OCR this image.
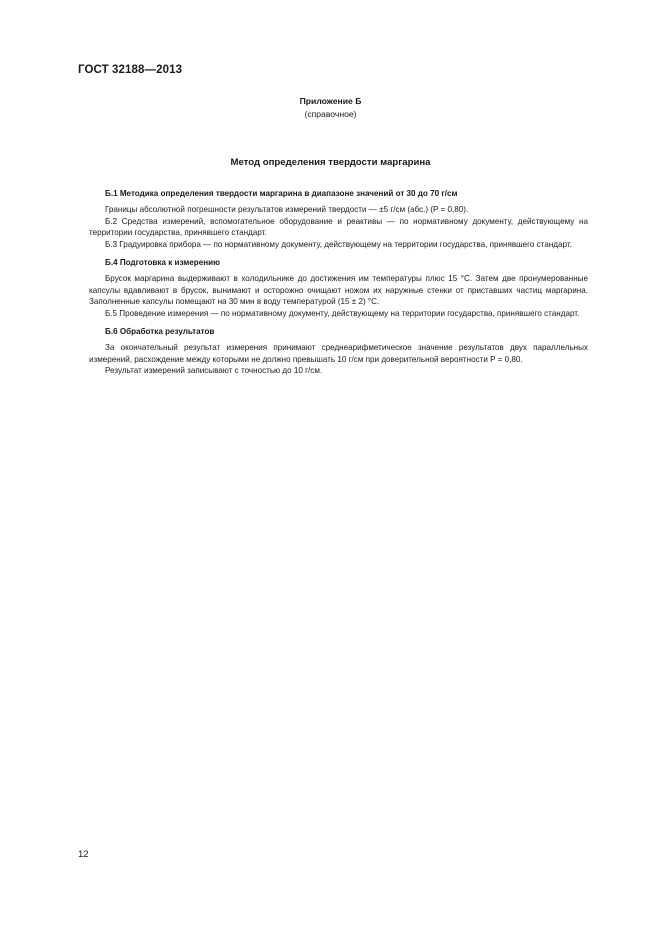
ГОСТ 32188—2013
Приложение Б
(справочное)
Метод определения твердости маргарина
Б.1 Методика определения твердости маргарина в диапазоне значений от 30 до 70 г/см

Границы абсолютной погрешности результатов измерений твердости — ±5 г/см (абс.) (P = 0,80).

Б.2 Средства измерений, вспомогательное оборудование и реактивы — по нормативному документу, действующему на территории государства, принявшего стандарт.

Б.3 Градуировка прибора — по нормативному документу, действующему на территории государства, принявшего стандарт.

Б.4 Подготовка к измерению

Брусок маргарина выдерживают в холодильнике до достижения им температуры плюс 15 °C. Затем две пронумерованные капсулы вдавливают в брусок, вынимают и осторожно очищают ножом их наружные стенки от приставших частиц маргарина. Заполненные капсулы помещают на 30 мин в воду температурой (15 ± 2) °C.

Б.5 Проведение измерения — по нормативному документу, действующему на территории государства, принявшего стандарт.

Б.6 Обработка результатов

За окончательный результат измерения принимают среднеарифметическое значение результатов двух параллельных измерений, расхождение между которыми не должно превышать 10 г/см при доверительной вероятности P = 0,80.

Результат измерений записывают с точностью до 10 г/см.

12
